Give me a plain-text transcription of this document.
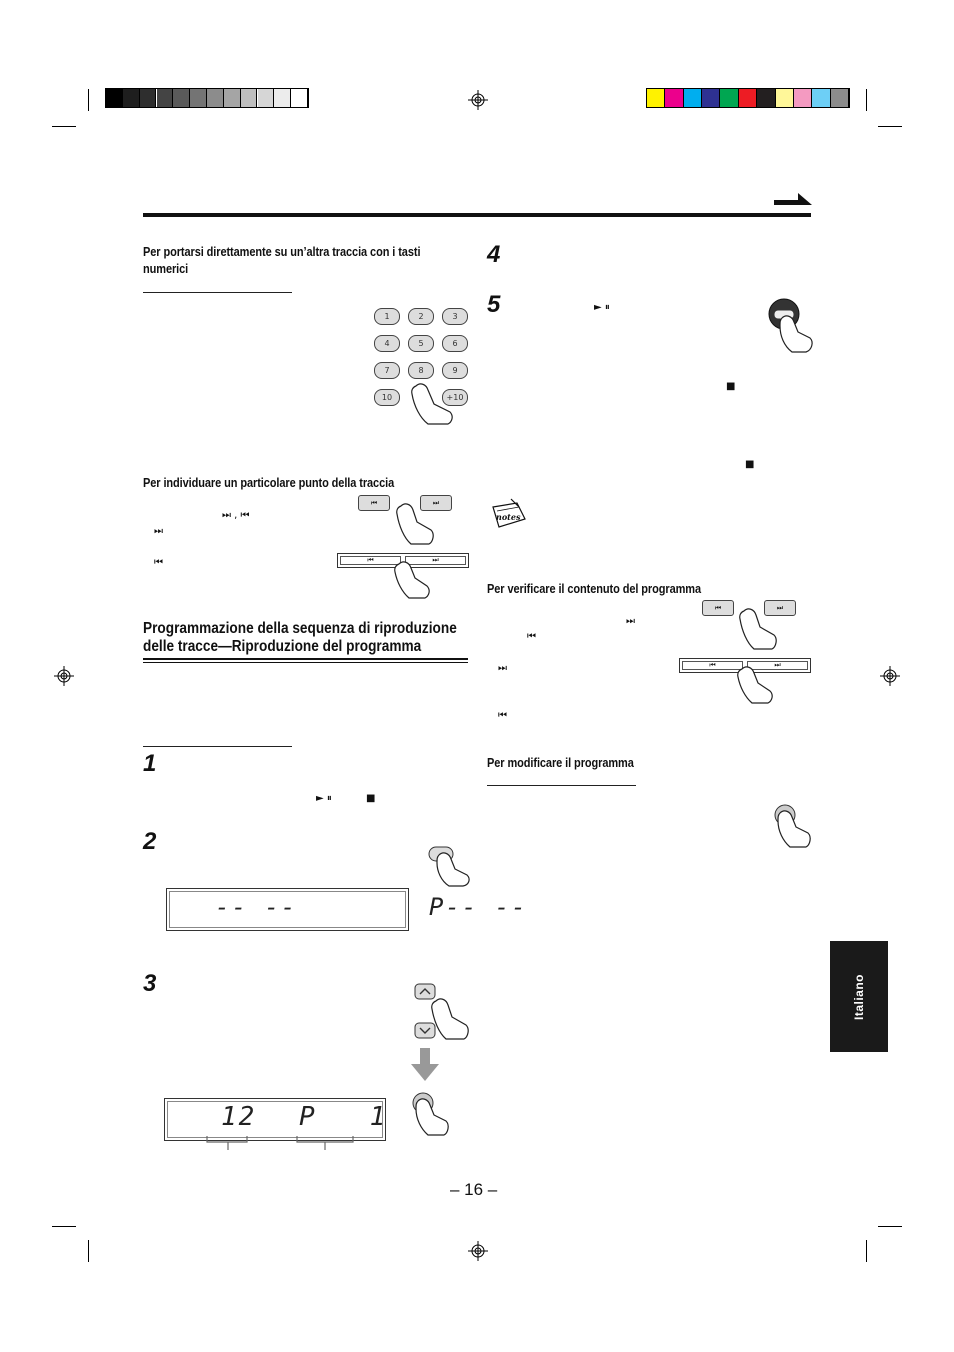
Per portarsi direttamente su un’altra traccia con i tasti numerici
1	2	3
4	5	6
7	8	9
10	+10
Per individuare un particolare punto della traccia
⏭ , ⏮
⏭
⏮
⏮	⏭
⏮	⏭
Programmazione della sequenza di riproduzione
delle tracce—Riproduzione del programma
1
► ⏸	■
2
-- --        P-- --
3
12 P   1
4
5	► ⏸
■
■
notes
Per verificare il contenuto del programma
⏭
⏮
⏭
⏮
⏮	⏭
⏮	⏭
Per modificare il programma
Italiano
– 16 –
